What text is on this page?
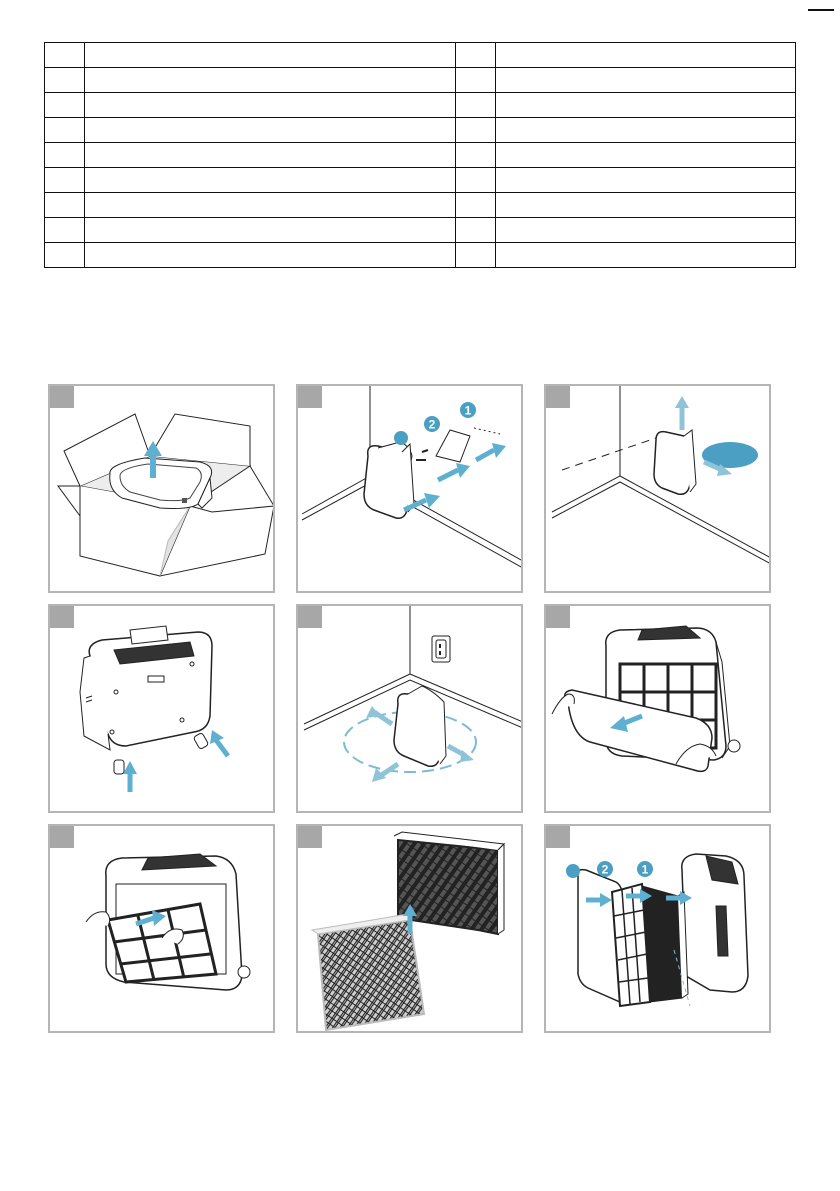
1
2
2	1
